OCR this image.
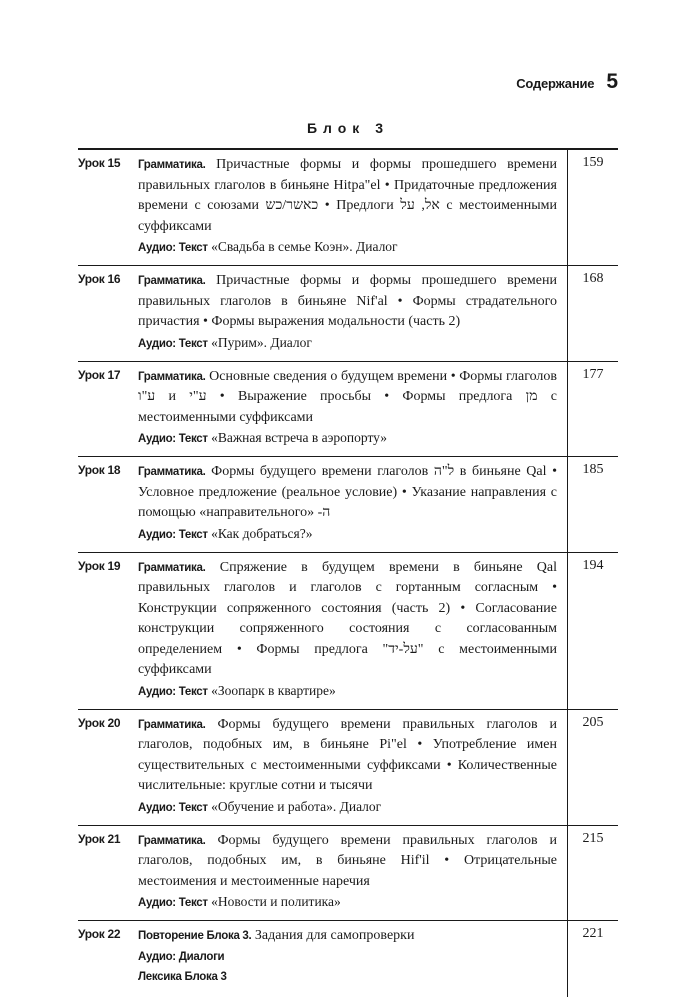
Содержание 5
Блок 3
Урок 15	Грамматика. Причастные формы и формы прошедшего времени правильных глаголов в биньяне Hitpa"el • Придаточные предложения времени с союзами כאשר/כש • Предлоги אל, על с местоименными суффиксами
Аудио: Текст «Свадьба в семье Коэн». Диалог
159
Урок 16	Грамматика. Причастные формы и формы прошедшего времени правильных глаголов в биньяне Nif'al • Формы страдательного причастия • Формы выражения модальности (часть 2)
Аудио: Текст «Пурим». Диалог
168
Урок 17	Грамматика. Основные сведения о будущем времени • Формы глаголов ע"ו и ע"י • Выражение просьбы • Формы предлога מן с местоименными суффиксами
Аудио: Текст «Важная встреча в аэропорту»
177
Урок 18	Грамматика. Формы будущего времени глаголов ל"ה в биньяне Qal • Условное предложение (реальное условие) • Указание направления с помощью «направительного» -ה
Аудио: Текст «Как добраться?»
185
Урок 19	Грамматика. Спряжение в будущем времени в биньяне Qal правильных глаголов и глаголов с гортанным согласным • Конструкции сопряженного состояния (часть 2) • Согласование конструкции сопряженного состояния с согласованным определением • Формы предлога "על-יד" с местоименными суффиксами
Аудио: Текст «Зоопарк в квартире»
194
Урок 20	Грамматика. Формы будущего времени правильных глаголов и глаголов, подобных им, в биньяне Pi"el • Употребление имен существительных с местоименными суффиксами • Количественные числительные: круглые сотни и тысячи
Аудио: Текст «Обучение и работа». Диалог
205
Урок 21	Грамматика. Формы будущего времени правильных глаголов и глаголов, подобных им, в биньяне Hif'il • Отрицательные местоимения и местоименные наречия
Аудио: Текст «Новости и политика»
215
Урок 22	Повторение Блока 3. Задания для самопроверки
Аудио: Диалоги
Лексика Блока 3
221
